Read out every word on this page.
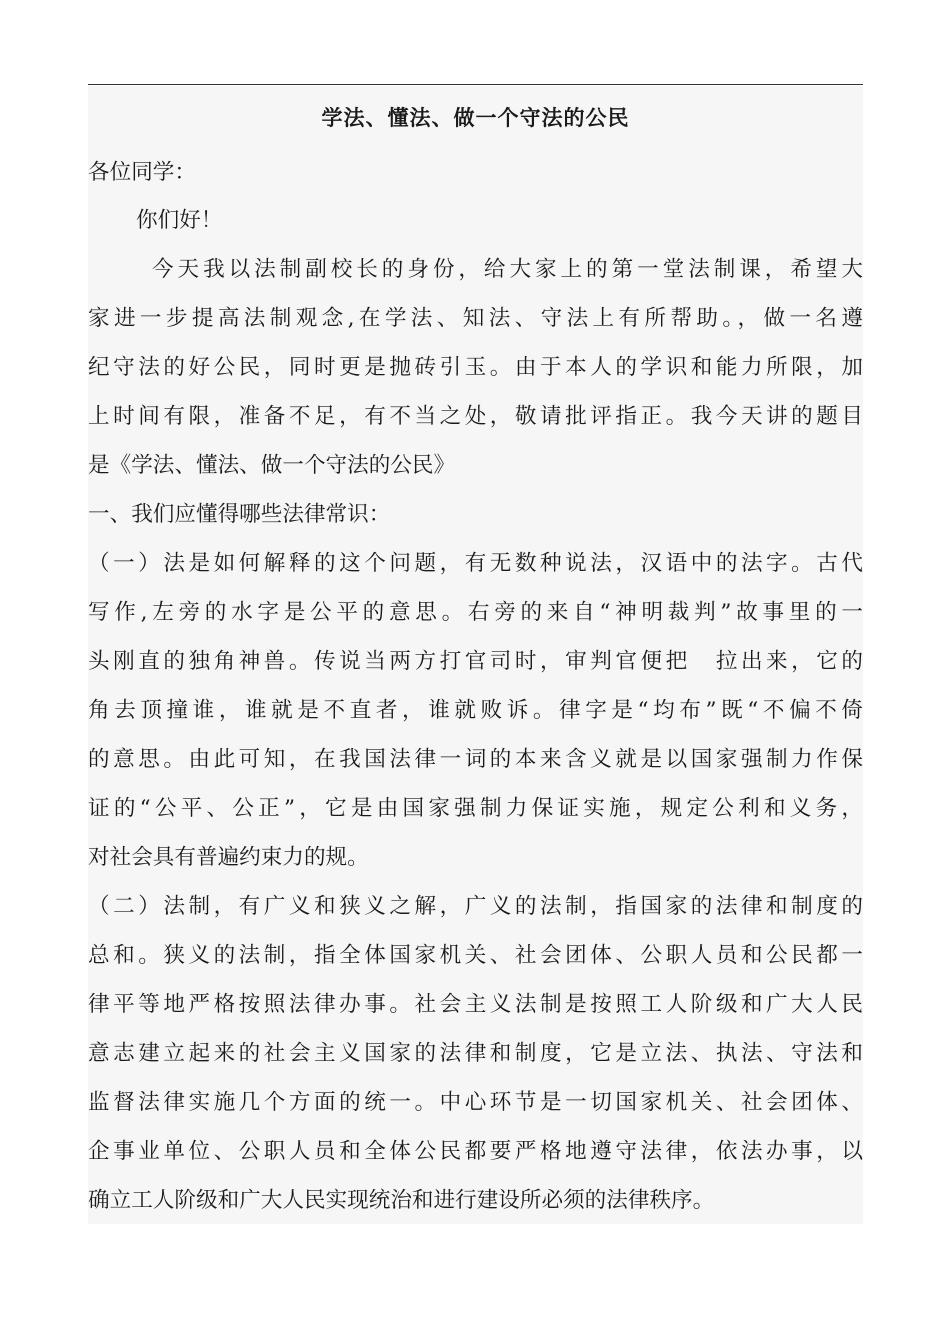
学法、懂法、做一个守法的公民
各位同学：
你们好！
今天我以法制副校长的身份，给大家上的第一堂法制课，希望大
家进一步提高法制观念,在学法、知法、守法上有所帮助。，做一名遵
纪守法的好公民，同时更是抛砖引玉。由于本人的学识和能力所限，加
上时间有限，准备不足，有不当之处，敬请批评指正。我今天讲的题目
是《学法、懂法、做一个守法的公民》
一、我们应懂得哪些法律常识：
（一）法是如何解释的这个问题，有无数种说法，汉语中的法字。古代
写作,左旁的水字是公平的意思。右旁的来自“神明裁判”故事里的一
头刚直的独角神兽。传说当两方打官司时，审判官便把　拉出来，它的
角去顶撞谁，谁就是不直者，谁就败诉。律字是“均布”既“不偏不倚
的意思。由此可知，在我国法律一词的本来含义就是以国家强制力作保
证的“公平、公正”，它是由国家强制力保证实施，规定公利和义务，
对社会具有普遍约束力的规。
（二）法制，有广义和狭义之解，广义的法制，指国家的法律和制度的
总和。狭义的法制，指全体国家机关、社会团体、公职人员和公民都一
律平等地严格按照法律办事。社会主义法制是按照工人阶级和广大人民
意志建立起来的社会主义国家的法律和制度，它是立法、执法、守法和
监督法律实施几个方面的统一。中心环节是一切国家机关、社会团体、
企事业单位、公职人员和全体公民都要严格地遵守法律，依法办事，以
确立工人阶级和广大人民实现统治和进行建设所必须的法律秩序。
